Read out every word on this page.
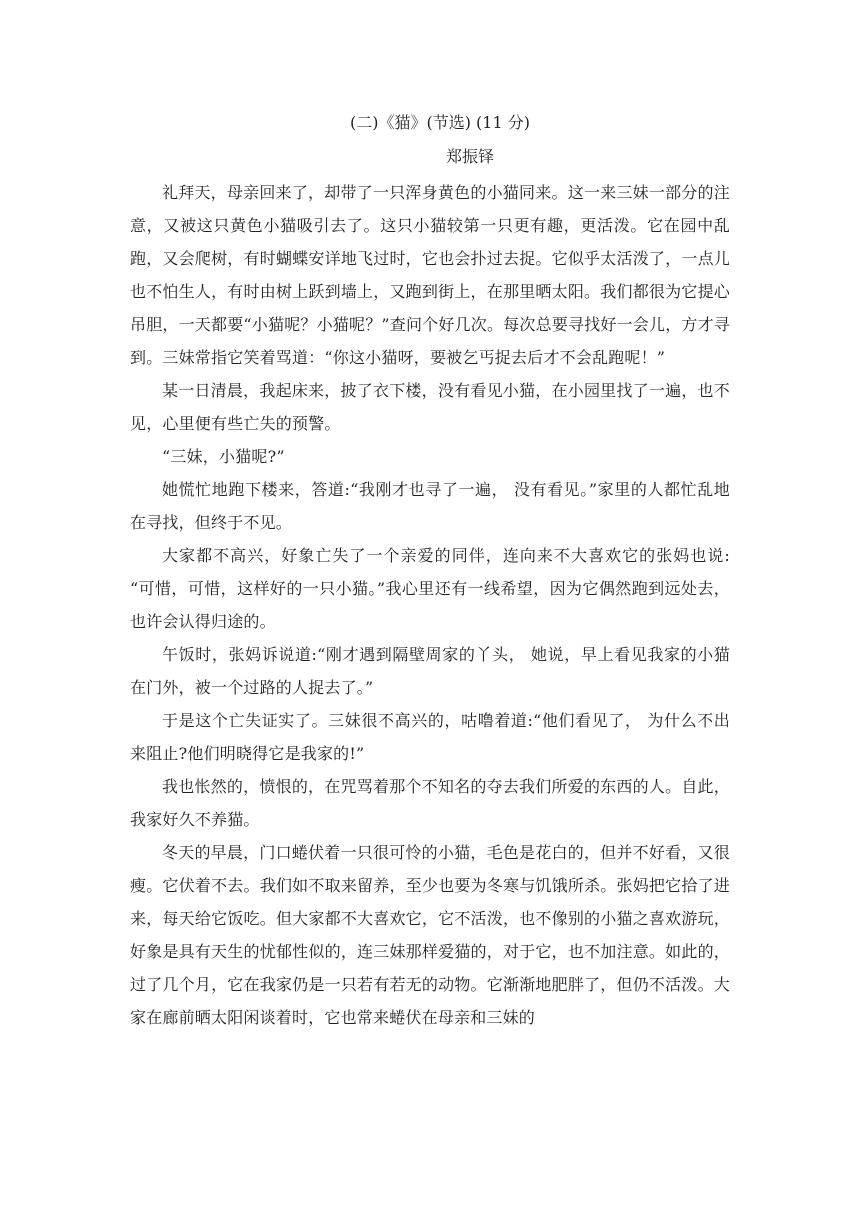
(二)《猫》(节选) (11 分)
郑振铎

礼拜天，母亲回来了，却带了一只浑身黄色的小猫同来。这一来三妹一部分的注意，又被这只黄色小猫吸引去了。这只小猫较第一只更有趣，更活泼。它在园中乱跑，又会爬树，有时蝴蝶安详地飞过时，它也会扑过去捉。它似乎太活泼了，一点儿也不怕生人，有时由树上跃到墙上，又跑到街上，在那里晒太阳。我们都很为它提心吊胆，一天都要“小猫呢？小猫呢？”查问个好几次。每次总要寻找好一会儿，方才寻到。三妹常指它笑着骂道：“你这小猫呀，要被乞丐捉去后才不会乱跑呢！”

某一日清晨，我起床来，披了衣下楼，没有看见小猫，在小园里找了一遍，也不见，心里便有些亡失的预警。

“三妹，小猫呢?”

她慌忙地跑下楼来，答道:“我刚才也寻了一遍， 没有看见。”家里的人都忙乱地在寻找，但终于不见。

大家都不高兴，好象亡失了一个亲爱的同伴，连向来不大喜欢它的张妈也说: “可惜，可惜，这样好的一只小猫。”我心里还有一线希望，因为它偶然跑到远处去，也许会认得归途的。

午饭时，张妈诉说道:“刚才遇到隔壁周家的丫头， 她说，早上看见我家的小猫在门外，被一个过路的人捉去了。”

于是这个亡失证实了。三妹很不高兴的，咕噜着道:“他们看见了， 为什么不出来阻止?他们明晓得它是我家的!”

我也怅然的，愤恨的，在咒骂着那个不知名的夺去我们所爱的东西的人。自此，我家好久不养猫。

冬天的早晨，门口蜷伏着一只很可怜的小猫，毛色是花白的，但并不好看，又很瘦。它伏着不去。我们如不取来留养，至少也要为冬寒与饥饿所杀。张妈把它拾了进来，每天给它饭吃。但大家都不大喜欢它，它不活泼，也不像别的小猫之喜欢游玩，好象是具有天生的忧郁性似的，连三妹那样爱猫的，对于它，也不加注意。如此的，过了几个月，它在我家仍是一只若有若无的动物。它渐渐地肥胖了，但仍不活泼。大家在廊前晒太阳闲谈着时，它也常来蜷伏在母亲和三妹的
